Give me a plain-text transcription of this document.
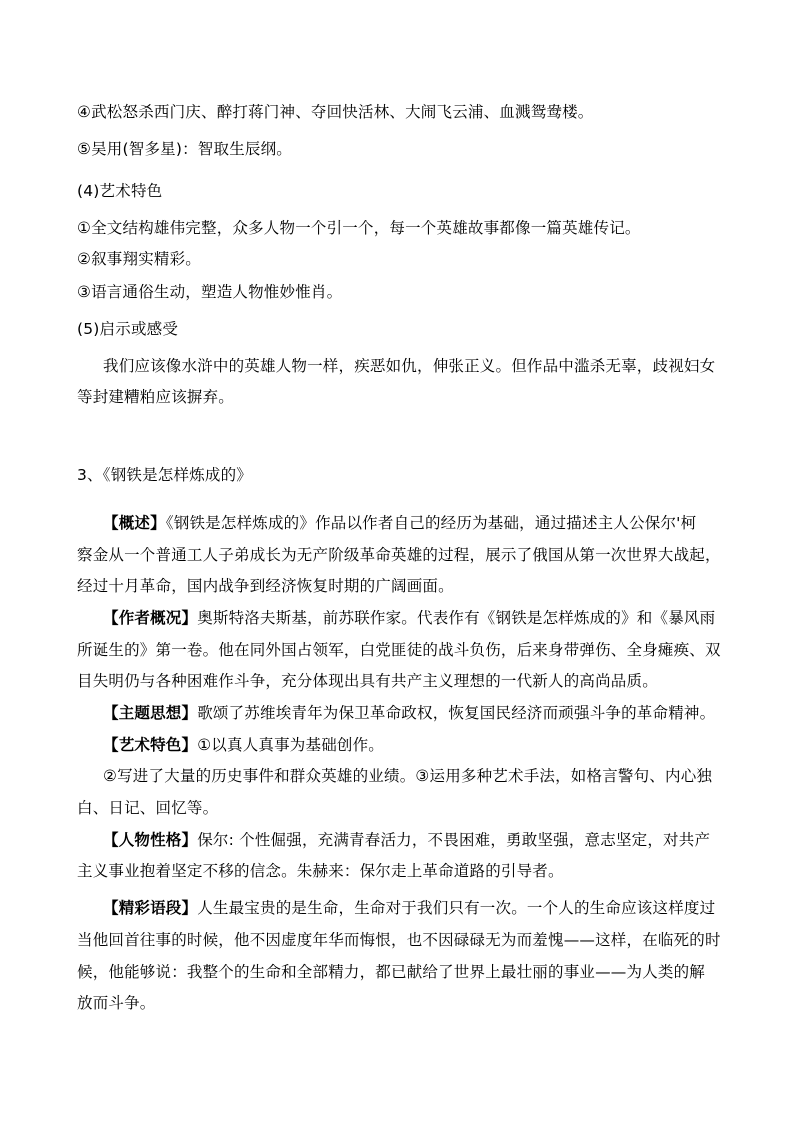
④武松怒杀西门庆、醉打蒋门神、夺回快活林、大闹飞云浦、血溅鸳鸯楼。
⑤吴用(智多星)：智取生辰纲。
(4)艺术特色
①全文结构雄伟完整，众多人物一个引一个，每一个英雄故事都像一篇英雄传记。
②叙事翔实精彩。
③语言通俗生动，塑造人物惟妙惟肖。
(5)启示或感受
我们应该像水浒中的英雄人物一样，疾恶如仇，伸张正义。但作品中滥杀无辜，歧视妇女
等封建糟粕应该摒弃。
3、《钢铁是怎样炼成的》
【概述】《钢铁是怎样炼成的》作品以作者自己的经历为基础，通过描述主人公保尔'柯
察金从一个普通工人子弟成长为无产阶级革命英雄的过程，展示了俄国从第一次世界大战起，
经过十月革命，国内战争到经济恢复时期的广阔画面。
【作者概况】奥斯特洛夫斯基，前苏联作家。代表作有《钢铁是怎样炼成的》和《暴风雨
所诞生的》第一卷。他在同外国占领军，白党匪徒的战斗负伤，后来身带弹伤、全身瘫痪、双
目失明仍与各种困难作斗争，充分体现出具有共产主义理想的一代新人的高尚品质。
【主题思想】歌颂了苏维埃青年为保卫革命政权，恢复国民经济而顽强斗争的革命精神。
【艺术特色】①以真人真事为基础创作。
②写进了大量的历史事件和群众英雄的业绩。③运用多种艺术手法，如格言警句、内心独
白、日记、回忆等。
【人物性格】保尔: 个性倔强，充满青春活力，不畏困难，勇敢坚强，意志坚定，对共产
主义事业抱着坚定不移的信念。朱赫来：保尔走上革命道路的引导者。
【精彩语段】人生最宝贵的是生命，生命对于我们只有一次。一个人的生命应该这样度过
当他回首往事的时候，他不因虚度年华而悔恨，也不因碌碌无为而羞愧——这样，在临死的时
候，他能够说：我整个的生命和全部精力，都已献给了世界上最壮丽的事业——为人类的解
放而斗争。
